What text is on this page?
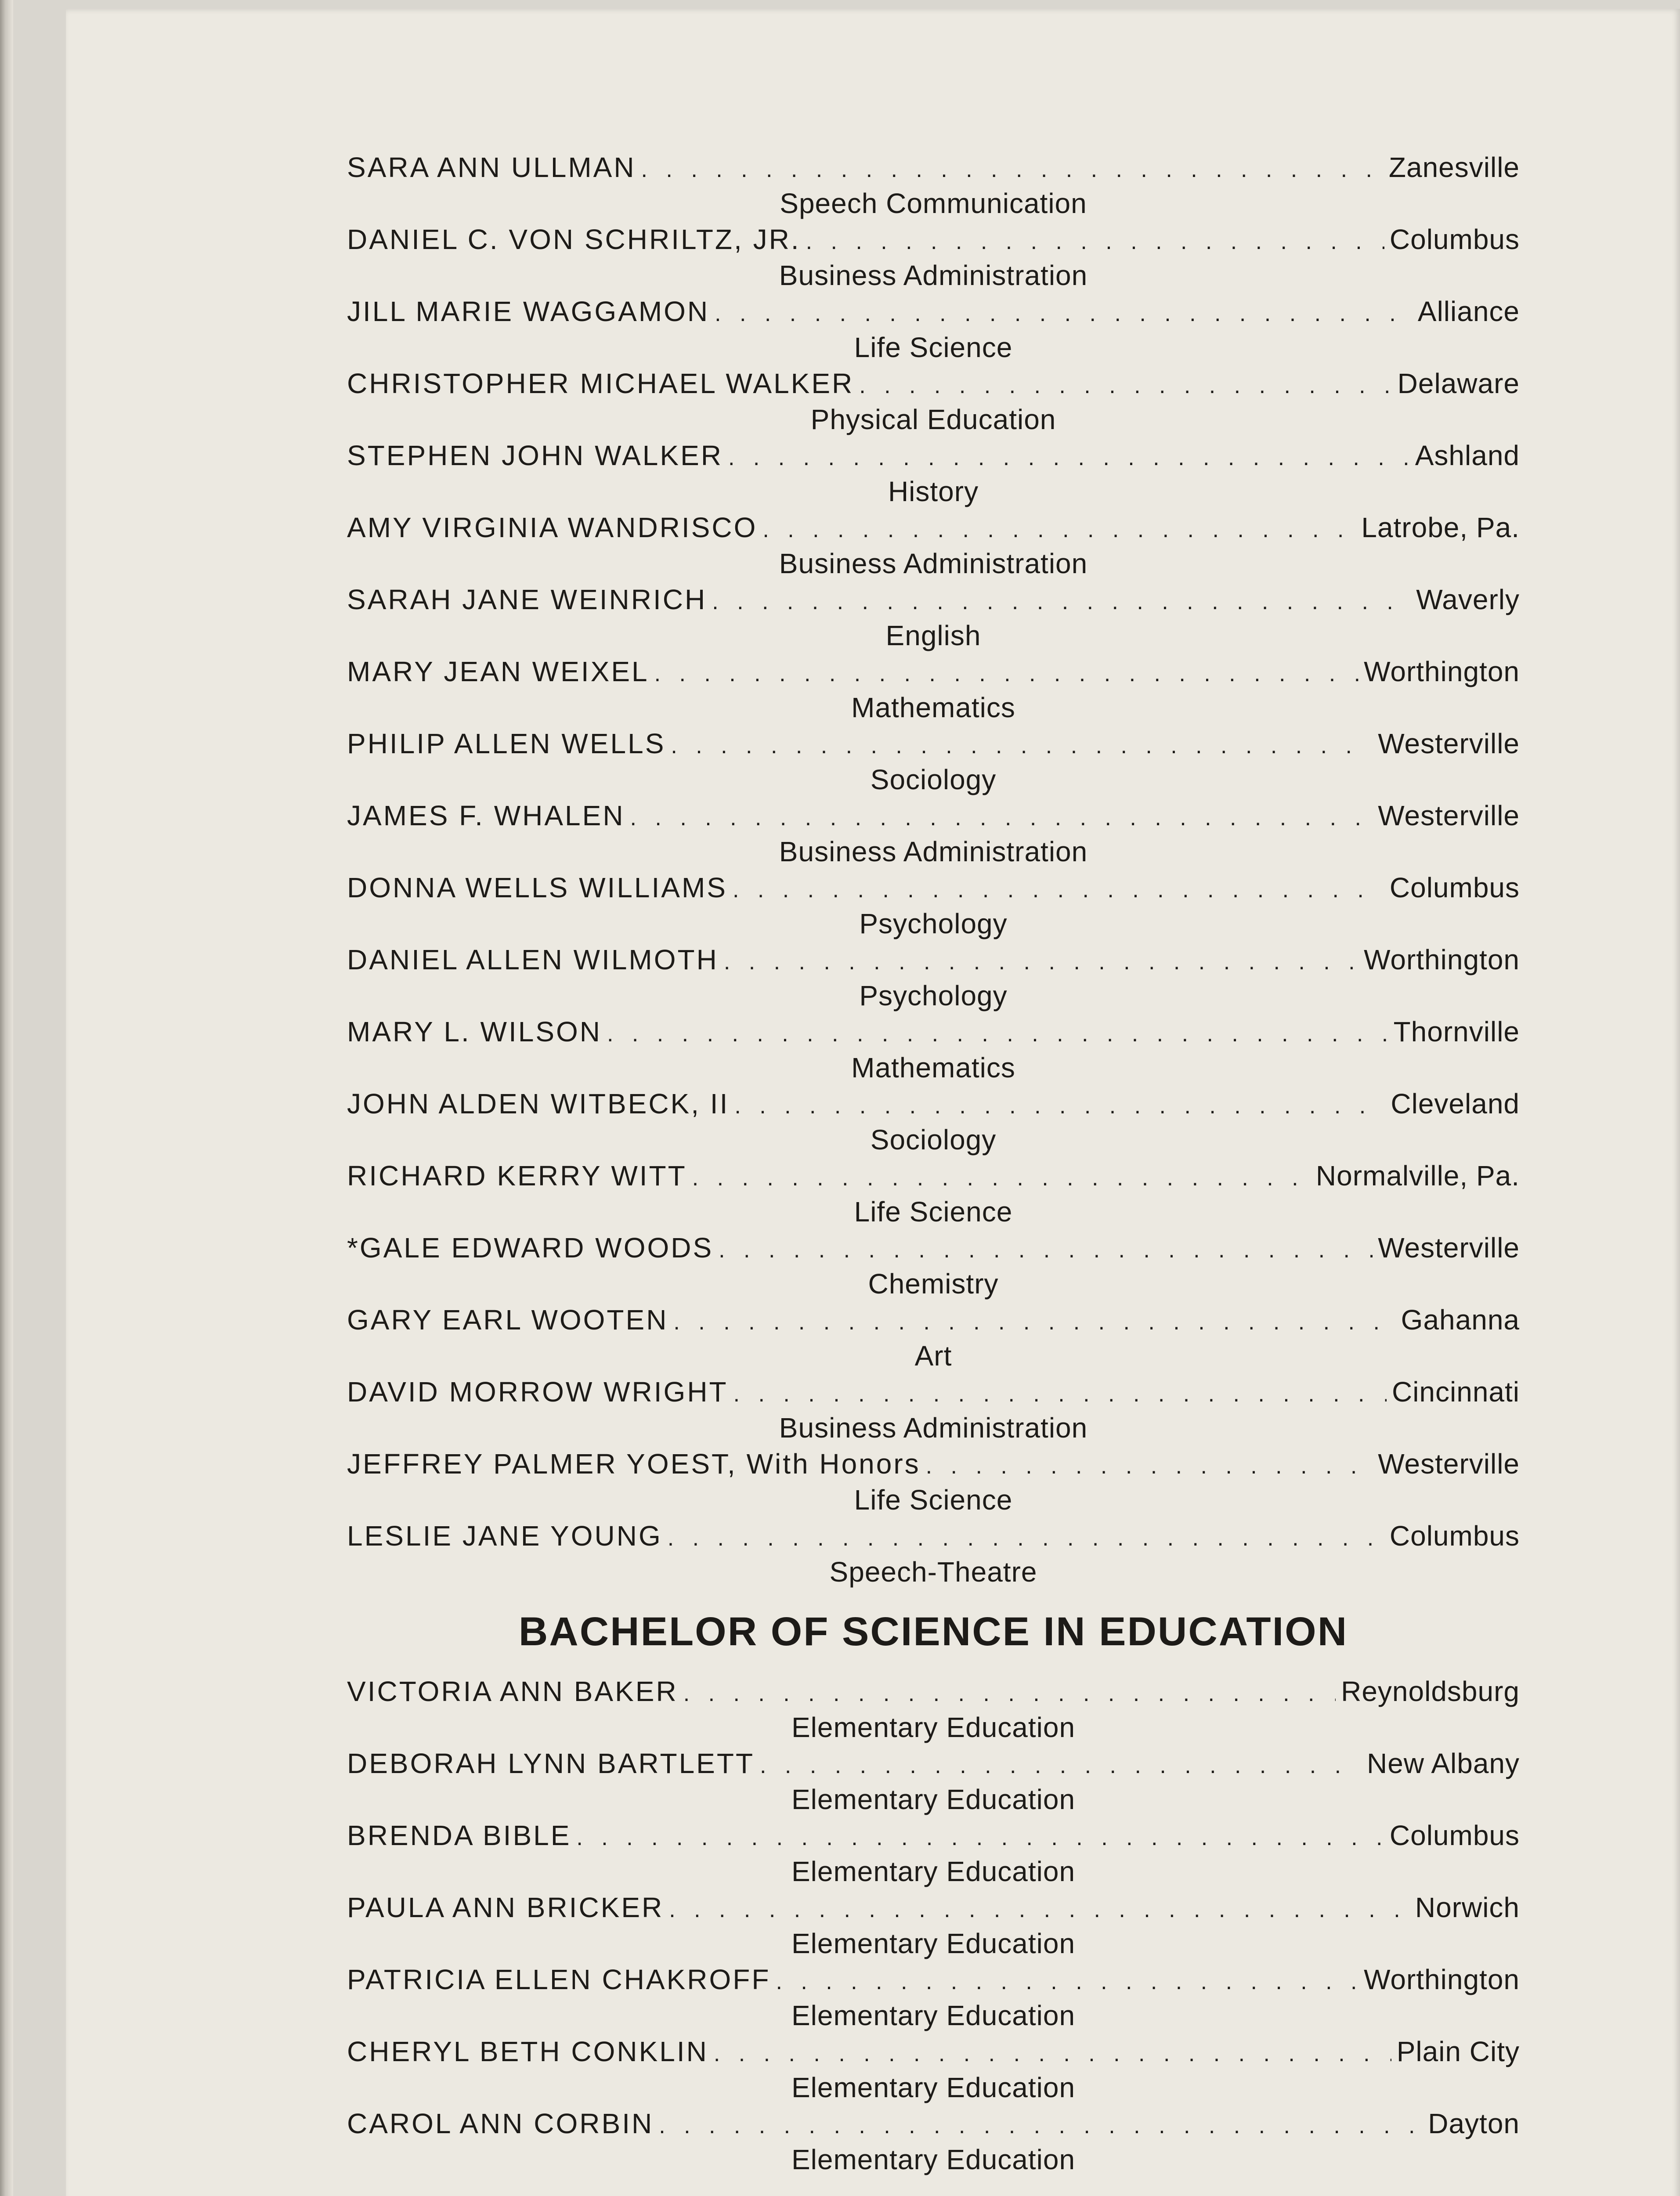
SARA ANN ULLMAN . . .	Zanesville
Speech Communication
DANIEL C. VON SCHRILTZ, JR. . . .	Columbus
Business Administration
JILL MARIE WAGGAMON . . .	Alliance
Life Science
CHRISTOPHER MICHAEL WALKER . . .	Delaware
Physical Education
STEPHEN JOHN WALKER . . .	Ashland
History
AMY VIRGINIA WANDRISCO . . .	Latrobe, Pa.
Business Administration
SARAH JANE WEINRICH . . .	Waverly
English
MARY JEAN WEIXEL . . .	Worthington
Mathematics
PHILIP ALLEN WELLS . . .	Westerville
Sociology
JAMES F. WHALEN . . .	Westerville
Business Administration
DONNA WELLS WILLIAMS . . .	Columbus
Psychology
DANIEL ALLEN WILMOTH . . .	Worthington
Psychology
MARY L. WILSON . . .	Thornville
Mathematics
JOHN ALDEN WITBECK, II . . .	Cleveland
Sociology
RICHARD KERRY WITT . . .	Normalville, Pa.
Life Science
*GALE EDWARD WOODS . . .	Westerville
Chemistry
GARY EARL WOOTEN . . .	Gahanna
Art
DAVID MORROW WRIGHT . . .	Cincinnati
Business Administration
JEFFREY PALMER YOEST, With Honors . . .	Westerville
Life Science
LESLIE JANE YOUNG . . .	Columbus
Speech-Theatre
BACHELOR OF SCIENCE IN EDUCATION
VICTORIA ANN BAKER . . .	Reynoldsburg
Elementary Education
DEBORAH LYNN BARTLETT . . .	New Albany
Elementary Education
BRENDA BIBLE . . .	Columbus
Elementary Education
PAULA ANN BRICKER . . .	Norwich
Elementary Education
PATRICIA ELLEN CHAKROFF . . .	Worthington
Elementary Education
CHERYL BETH CONKLIN . . .	Plain City
Elementary Education
CAROL ANN CORBIN . . .	Dayton
Elementary Education
